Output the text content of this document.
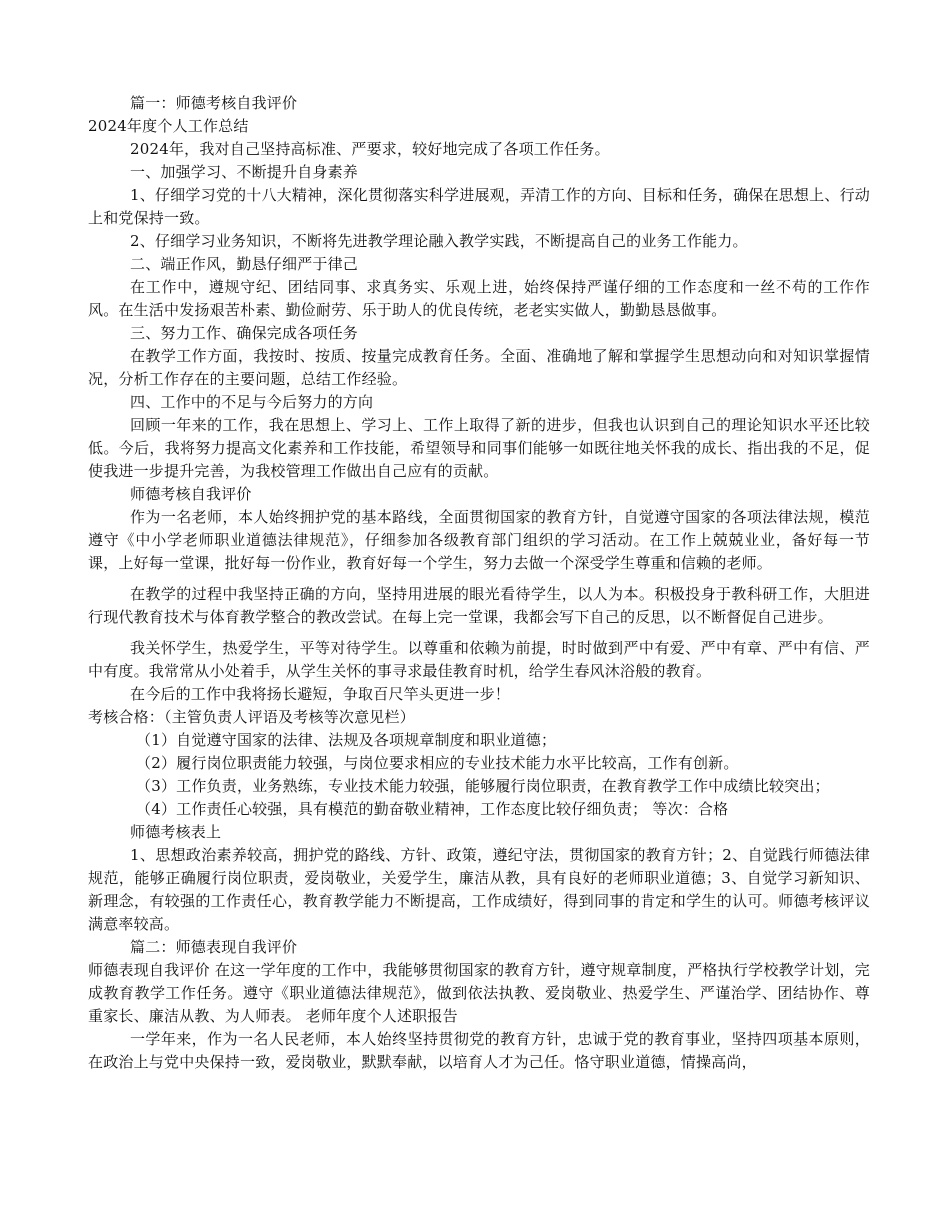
篇一：师德考核自我评价

2024年度个人工作总结

2024年，我对自己坚持高标准、严要求，较好地完成了各项工作任务。

一、加强学习、不断提升自身素养

1、仔细学习党的十八大精神，深化贯彻落实科学进展观，弄清工作的方向、目标和任务，确保在思想上、行动上和党保持一致。

2、仔细学习业务知识，不断将先进教学理论融入教学实践，不断提高自己的业务工作能力。

二、端正作风，勤恳仔细严于律己

在工作中，遵规守纪、团结同事、求真务实、乐观上进，始终保持严谨仔细的工作态度和一丝不苟的工作作风。在生活中发扬艰苦朴素、勤俭耐劳、乐于助人的优良传统，老老实实做人，勤勤恳恳做事。

三、努力工作、确保完成各项任务

在教学工作方面，我按时、按质、按量完成教育任务。全面、准确地了解和掌握学生思想动向和对知识掌握情况，分析工作存在的主要问题，总结工作经验。

四、工作中的不足与今后努力的方向

回顾一年来的工作，我在思想上、学习上、工作上取得了新的进步，但我也认识到自己的理论知识水平还比较低。今后，我将努力提高文化素养和工作技能，希望领导和同事们能够一如既往地关怀我的成长、指出我的不足，促使我进一步提升完善，为我校管理工作做出自己应有的贡献。

师德考核自我评价

作为一名老师，本人始终拥护党的基本路线，全面贯彻国家的教育方针，自觉遵守国家的各项法律法规，模范遵守《中小学老师职业道德法律规范》，仔细参加各级教育部门组织的学习活动。在工作上兢兢业业，备好每一节课，上好每一堂课，批好每一份作业，教育好每一个学生，努力去做一个深受学生尊重和信赖的老师。

在教学的过程中我坚持正确的方向，坚持用进展的眼光看待学生，以人为本。积极投身于教科研工作，大胆进行现代教育技术与体育教学整合的教改尝试。在每上完一堂课，我都会写下自己的反思，以不断督促自己进步。

我关怀学生，热爱学生，平等对待学生。以尊重和依赖为前提，时时做到严中有爱、严中有章、严中有信、严中有度。我常常从小处着手，从学生关怀的事寻求最佳教育时机，给学生春风沐浴般的教育。

在今后的工作中我将扬长避短，争取百尺竿头更进一步！

考核合格：（主管负责人评语及考核等次意见栏）

（1）自觉遵守国家的法律、法规及各项规章制度和职业道德；

（2）履行岗位职责能力较强，与岗位要求相应的专业技术能力水平比较高，工作有创新。

（3）工作负责，业务熟练，专业技术能力较强，能够履行岗位职责，在教育教学工作中成绩比较突出；

（4）工作责任心较强，具有模范的勤奋敬业精神，工作态度比较仔细负责； 等次：合格

师德考核表上

1、思想政治素养较高，拥护党的路线、方针、政策，遵纪守法，贯彻国家的教育方针；2、自觉践行师德法律规范，能够正确履行岗位职责，爱岗敬业，关爱学生，廉洁从教，具有良好的老师职业道德；3、自觉学习新知识、新理念，有较强的工作责任心，教育教学能力不断提高，工作成绩好，得到同事的肯定和学生的认可。师德考核评议满意率较高。

篇二：师德表现自我评价

师德表现自我评价 在这一学年度的工作中，我能够贯彻国家的教育方针，遵守规章制度，严格执行学校教学计划，完成教育教学工作任务。遵守《职业道德法律规范》，做到依法执教、爱岗敬业、热爱学生、严谨治学、团结协作、尊重家长、廉洁从教、为人师表。 老师年度个人述职报告

一学年来，作为一名人民老师，本人始终坚持贯彻党的教育方针，忠诚于党的教育事业，坚持四项基本原则，在政治上与党中央保持一致，爱岗敬业，默默奉献，以培育人才为己任。恪守职业道德，情操高尚，
